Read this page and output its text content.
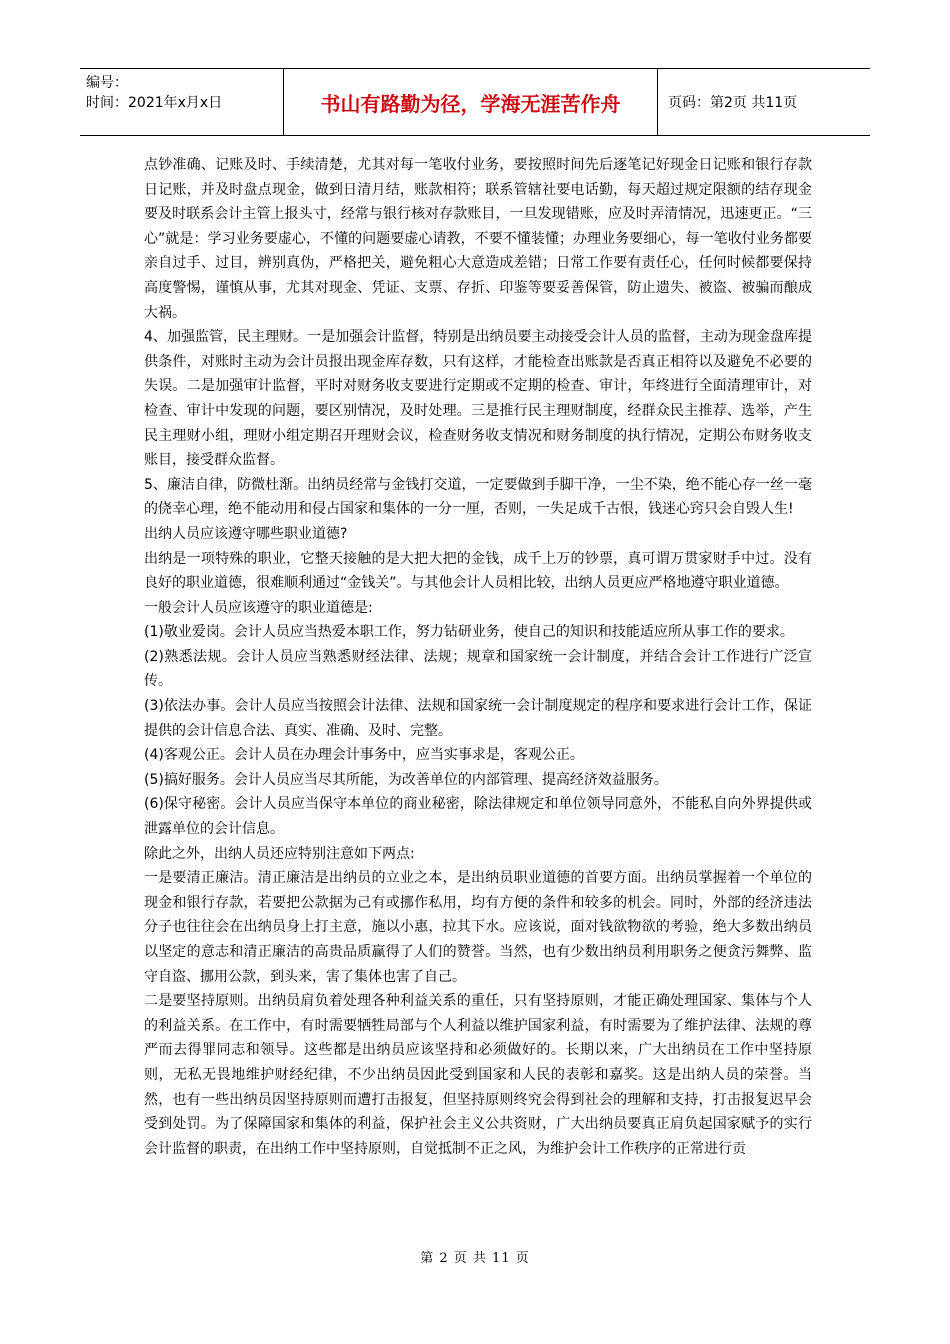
编号：
时间：2021年x月x日	书山有路勤为径，学海无涯苦作舟	页码：第2页 共11页

点钞准确、记账及时、手续清楚，尤其对每一笔收付业务，要按照时间先后逐笔记好现金日记账和银行存款日记账，并及时盘点现金，做到日清月结，账款相符；联系管辖社要电话勤，每天超过规定限额的结存现金要及时联系会计主管上报头寸，经常与银行核对存款账目，一旦发现错账，应及时弄清情况，迅速更正。“三心”就是：学习业务要虚心，不懂的问题要虚心请教，不要不懂装懂；办理业务要细心，每一笔收付业务都要亲自过手、过目，辨别真伪，严格把关，避免粗心大意造成差错；日常工作要有责任心，任何时候都要保持高度警惕，谨慎从事，尤其对现金、凭证、支票、存折、印鉴等要妥善保管，防止遗失、被盗、被骗而酿成大祸。

4、加强监管，民主理财。一是加强会计监督，特别是出纳员要主动接受会计人员的监督，主动为现金盘库提供条件，对账时主动为会计员报出现金库存数，只有这样，才能检查出账款是否真正相符以及避免不必要的失误。二是加强审计监督，平时对财务收支要进行定期或不定期的检查、审计，年终进行全面清理审计，对检查、审计中发现的问题，要区别情况，及时处理。三是推行民主理财制度，经群众民主推荐、选举，产生民主理财小组，理财小组定期召开理财会议，检查财务收支情况和财务制度的执行情况，定期公布财务收支账目，接受群众监督。

5、廉洁自律，防微杜渐。出纳员经常与金钱打交道，一定要做到手脚干净，一尘不染，绝不能心存一丝一毫的侥幸心理，绝不能动用和侵占国家和集体的一分一厘，否则，一失足成千古恨，钱迷心窍只会自毁人生!

出纳人员应该遵守哪些职业道德?

出纳是一项特殊的职业，它整天接触的是大把大把的金钱，成千上万的钞票，真可谓万贯家财手中过。没有良好的职业道德，很难顺利通过“金钱关”。与其他会计人员相比较，出纳人员更应严格地遵守职业道德。

一般会计人员应该遵守的职业道德是:

(1)敬业爱岗。会计人员应当热爱本职工作，努力钻研业务，使自己的知识和技能适应所从事工作的要求。

(2)熟悉法规。会计人员应当熟悉财经法律、法规；规章和国家统一会计制度，并结合会计工作进行广泛宣传。

(3)依法办事。会计人员应当按照会计法律、法规和国家统一会计制度规定的程序和要求进行会计工作，保证提供的会计信息合法、真实、准确、及时、完整。

(4)客观公正。会计人员在办理会计事务中，应当实事求是，客观公正。

(5)搞好服务。会计人员应当尽其所能，为改善单位的内部管理、提高经济效益服务。

(6)保守秘密。会计人员应当保守本单位的商业秘密，除法律规定和单位领导同意外，不能私自向外界提供或泄露单位的会计信息。

除此之外，出纳人员还应特别注意如下两点:

一是要清正廉洁。清正廉洁是出纳员的立业之本，是出纳员职业道德的首要方面。出纳员掌握着一个单位的现金和银行存款，若要把公款据为己有或挪作私用，均有方便的条件和较多的机会。同时，外部的经济违法分子也往往会在出纳员身上打主意，施以小惠，拉其下水。应该说，面对钱欲物欲的考验，绝大多数出纳员以坚定的意志和清正廉洁的高贵品质赢得了人们的赞誉。当然，也有少数出纳员利用职务之便贪污舞弊、监守自盗、挪用公款，到头来，害了集体也害了自己。

二是要坚持原则。出纳员肩负着处理各种利益关系的重任，只有坚持原则，才能正确处理国家、集体与个人的利益关系。在工作中，有时需要牺牲局部与个人利益以维护国家利益，有时需要为了维护法律、法规的尊严而去得罪同志和领导。这些都是出纳员应该坚持和必须做好的。长期以来，广大出纳员在工作中坚持原则，无私无畏地维护财经纪律，不少出纳员因此受到国家和人民的表彰和嘉奖。这是出纳人员的荣誉。当然，也有一些出纳员因坚持原则而遭打击报复，但坚持原则终究会得到社会的理解和支持，打击报复迟早会受到处罚。为了保障国家和集体的利益，保护社会主义公共资财，广大出纳员要真正肩负起国家赋予的实行会计监督的职责，在出纳工作中坚持原则，自觉抵制不正之风，为维护会计工作秩序的正常进行贡

第 2 页 共 11 页
